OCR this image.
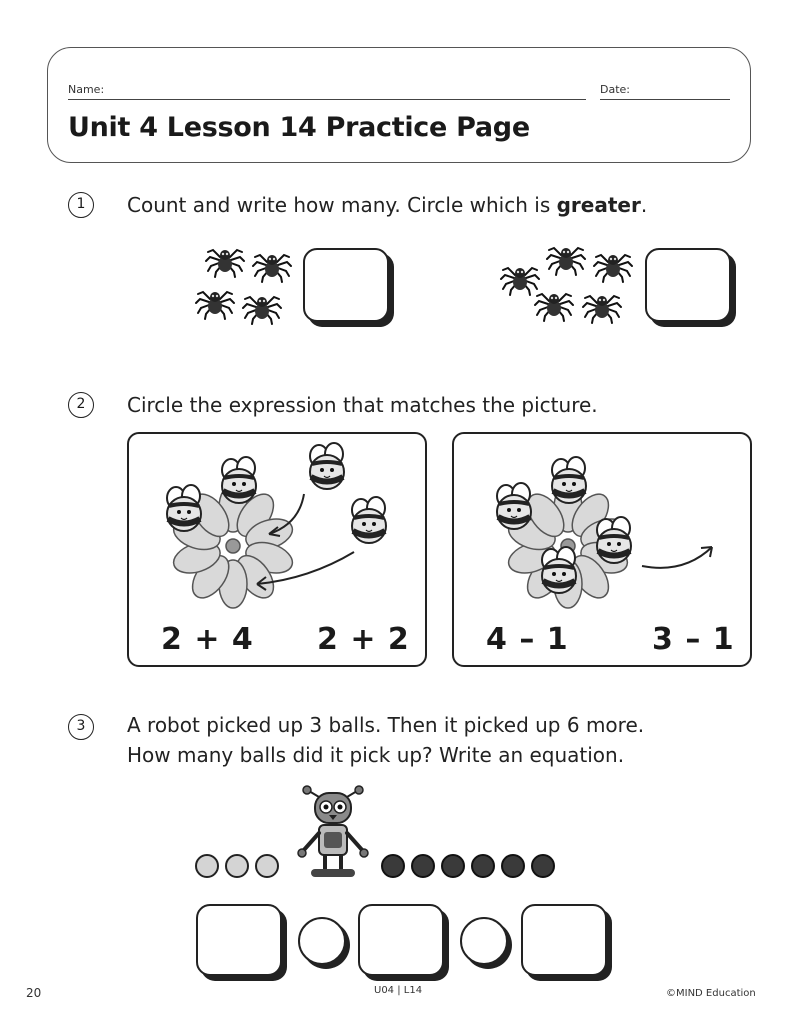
Name:	Date:
Unit 4 Lesson 14 Practice Page
1	Count and write how many. Circle which is greater.
2	Circle the expression that matches the picture.
2 + 4 2 + 2	4 – 1	3 – 1
3	A robot picked up 3 balls. Then it picked up 6 more.
How many balls did it pick up? Write an equation.
20	U04 | L14	©MIND Education
